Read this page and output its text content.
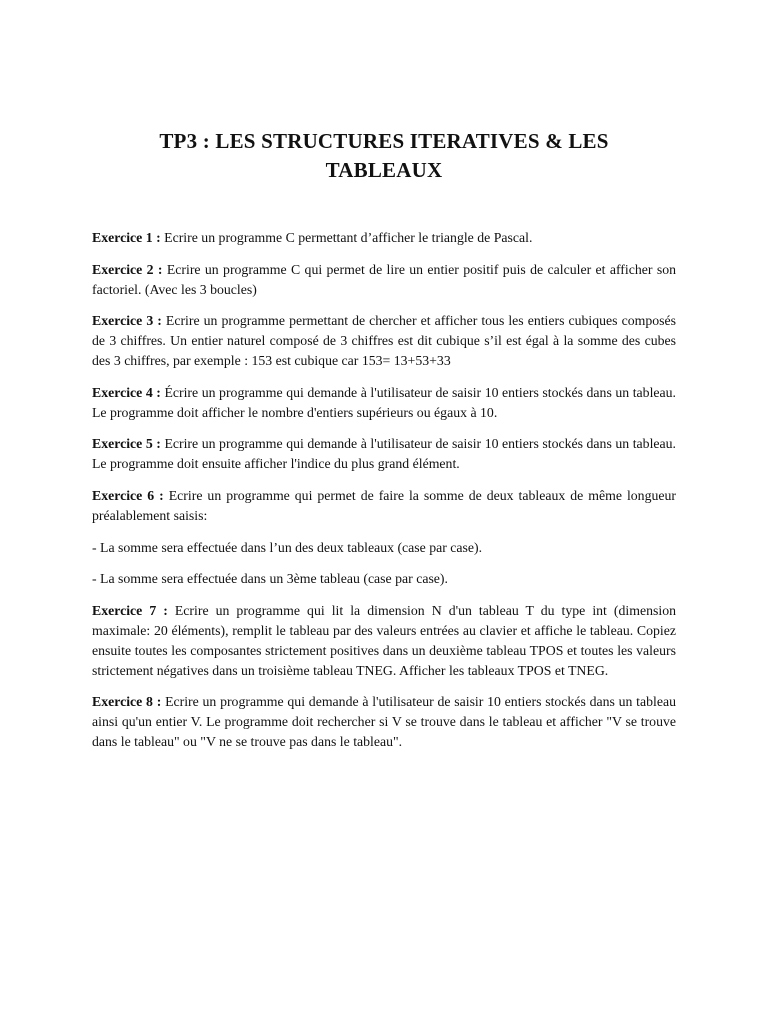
TP3 : LES STRUCTURES ITERATIVES & LES TABLEAUX

Exercice 1 : Ecrire un programme C permettant d’afficher le triangle de Pascal.

Exercice 2 : Ecrire un programme C qui permet de lire un entier positif puis de calculer et afficher son factoriel. (Avec les 3 boucles)

Exercice 3 : Ecrire un programme permettant de chercher et afficher tous les entiers cubiques composés de 3 chiffres. Un entier naturel composé de 3 chiffres est dit cubique s’il est égal à la somme des cubes des 3 chiffres, par exemple : 153 est cubique car 153= 13+53+33

Exercice 4 : Écrire un programme qui demande à l'utilisateur de saisir 10 entiers stockés dans un tableau. Le programme doit afficher le nombre d'entiers supérieurs ou égaux à 10.

Exercice 5 : Ecrire un programme qui demande à l'utilisateur de saisir 10 entiers stockés dans un tableau. Le programme doit ensuite afficher l'indice du plus grand élément.

Exercice 6 : Ecrire un programme qui permet de faire la somme de deux tableaux de même longueur préalablement saisis:

- La somme sera effectuée dans l’un des deux tableaux (case par case).

- La somme sera effectuée dans un 3ème tableau (case par case).

Exercice 7 : Ecrire un programme qui lit la dimension N d'un tableau T du type int (dimension maximale: 20 éléments), remplit le tableau par des valeurs entrées au clavier et affiche le tableau. Copiez ensuite toutes les composantes strictement positives dans un deuxième tableau TPOS et toutes les valeurs strictement négatives dans un troisième tableau TNEG. Afficher les tableaux TPOS et TNEG.

Exercice 8 : Ecrire un programme qui demande à l'utilisateur de saisir 10 entiers stockés dans un tableau ainsi qu'un entier V. Le programme doit rechercher si V se trouve dans le tableau et afficher "V se trouve dans le tableau" ou "V ne se trouve pas dans le tableau".
